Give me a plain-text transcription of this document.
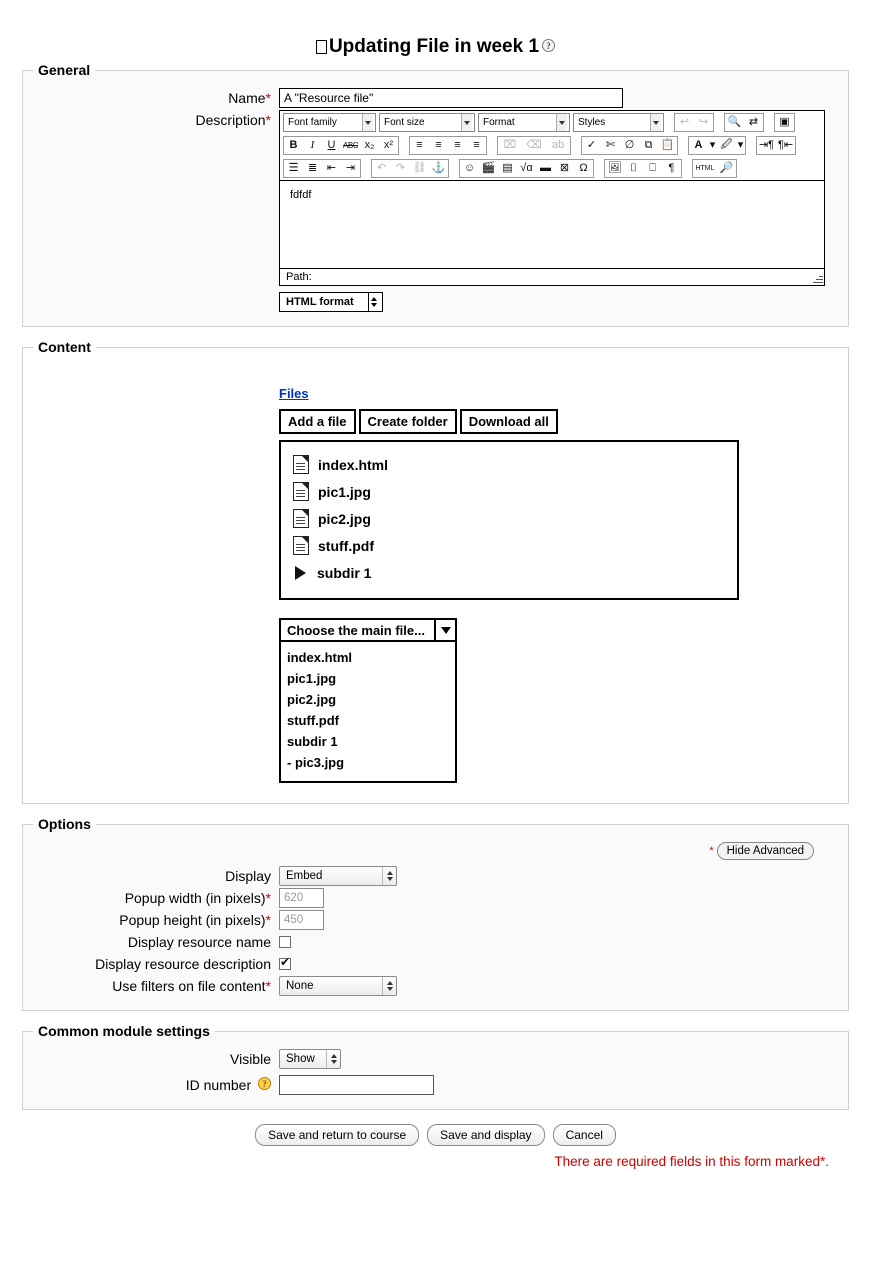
Updating File in week 1 ?
General
Name*
A "Resource file"
Description*	Font family	Font size	Format	Styles	↩ ↪	🔍 ⇄	▣
B I U ABC x₂ x²	≡	≡	≡	≡	⌧ ⌫ ab	✓ ✄ ∅ ⧉ 📋 A ▾ 🖉 ▾ ⇥¶ ¶⇤
☰ ≣ ⇤ ⇥	↶ ↷ ⛓ ⚓	☺ 🎬 ▤ √α ▬ ⊠ Ω	🖼 ⌷	⎕	¶	HTML 🔎
fdfdf
Path:
HTML format
Content
Files
Add a file	Create folder	Download all
index.html
pic1.jpg
pic2.jpg
stuff.pdf
subdir 1
Choose the main file...
index.html
pic1.jpg
pic2.jpg
stuff.pdf
subdir 1
- pic3.jpg
Options
*	Hide Advanced
Display	Embed
Popup width (in pixels)*
620
Popup height (in pixels)*
450
Display resource name
Display resource description
✔
Use filters on file content*	None
Common module settings
Visible	Show
ID number ?
Save and return to course	Save and display	Cancel
There are required fields in this form marked*.
